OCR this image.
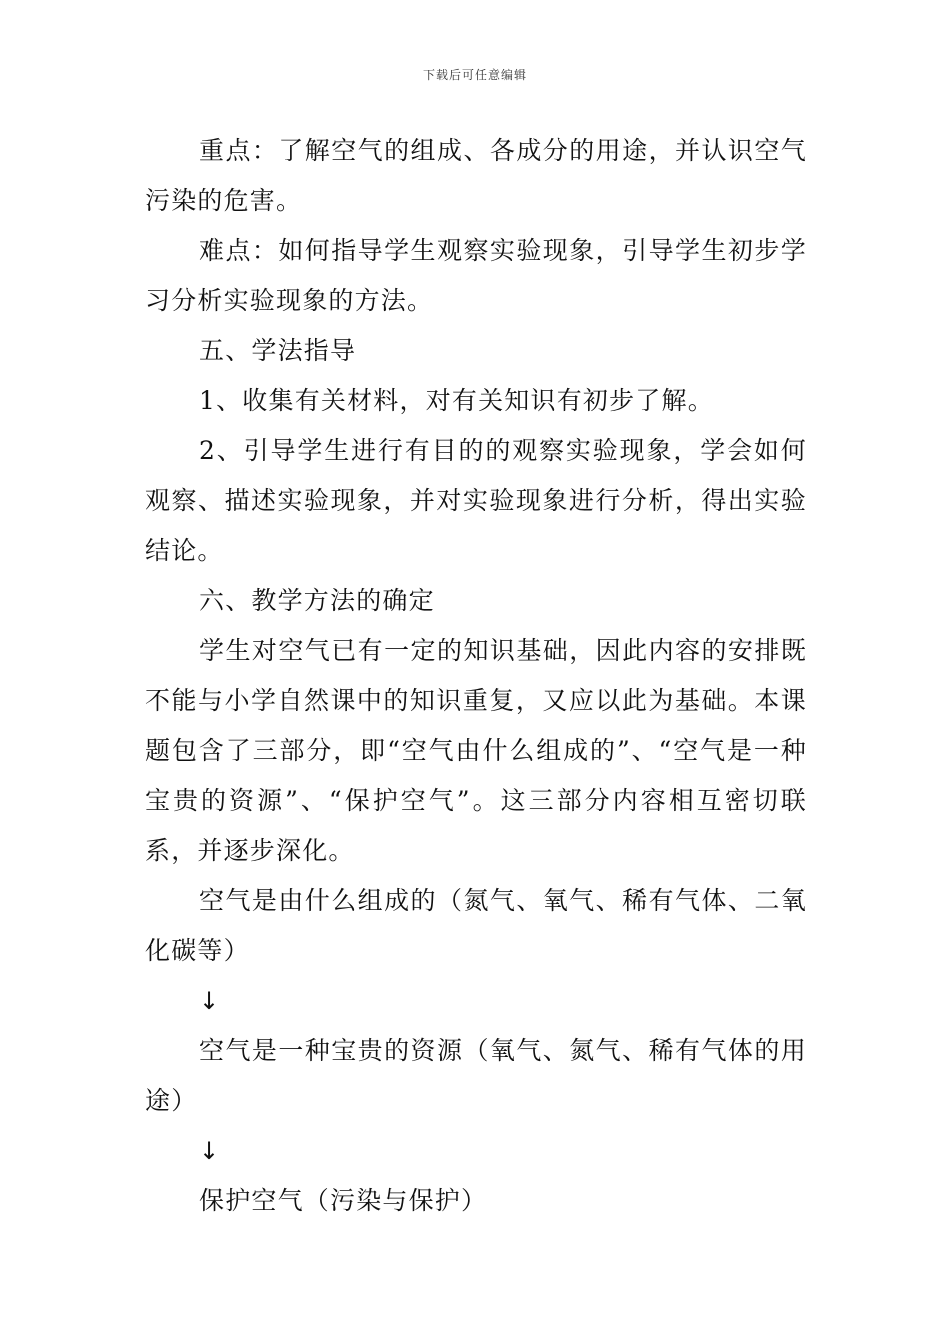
下载后可任意编辑

重点：了解空气的组成、各成分的用途，并认识空气污染的危害。

难点：如何指导学生观察实验现象，引导学生初步学习分析实验现象的方法。

五、学法指导

1、收集有关材料，对有关知识有初步了解。

2、引导学生进行有目的的观察实验现象，学会如何观察、描述实验现象，并对实验现象进行分析，得出实验结论。

六、教学方法的确定

学生对空气已有一定的知识基础，因此内容的安排既不能与小学自然课中的知识重复，又应以此为基础。本课题包含了三部分，即“空气由什么组成的”、“空气是一种宝贵的资源”、“保护空气”。这三部分内容相互密切联系，并逐步深化。

空气是由什么组成的（氮气、氧气、稀有气体、二氧化碳等）

↓

空气是一种宝贵的资源（氧气、氮气、稀有气体的用途）

↓

保护空气（污染与保护）
